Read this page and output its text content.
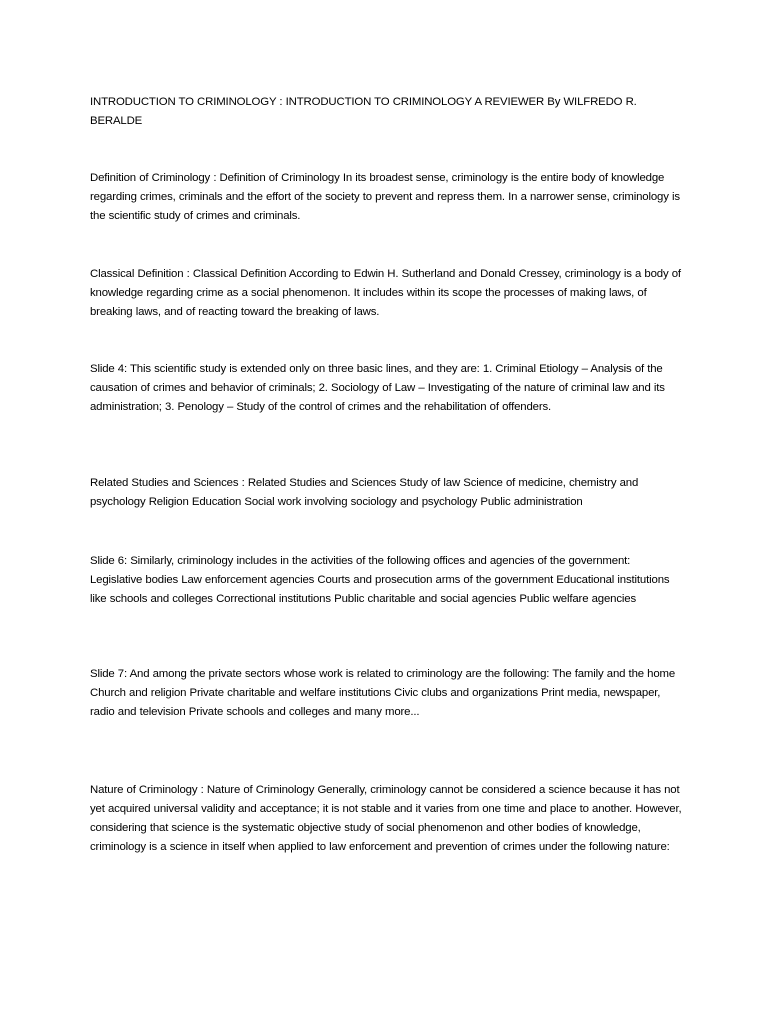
INTRODUCTION TO CRIMINOLOGY : INTRODUCTION TO CRIMINOLOGY A REVIEWER By WILFREDO R. BERALDE

Definition of Criminology : Definition of Criminology In its broadest sense, criminology is the entire body of knowledge regarding crimes, criminals and the effort of the society to prevent and repress them. In a narrower sense, criminology is the scientific study of crimes and criminals.

Classical Definition : Classical Definition According to Edwin H. Sutherland and Donald Cressey, criminology is a body of knowledge regarding crime as a social phenomenon. It includes within its scope the processes of making laws, of breaking laws, and of reacting toward the breaking of laws.

Slide 4: This scientific study is extended only on three basic lines, and they are: 1. Criminal Etiology – Analysis of the causation of crimes and behavior of criminals; 2. Sociology of Law – Investigating of the nature of criminal law and its administration; 3. Penology – Study of the control of crimes and the rehabilitation of offenders.

Related Studies and Sciences : Related Studies and Sciences Study of law Science of medicine, chemistry and psychology Religion Education Social work involving sociology and psychology Public administration

Slide 6: Similarly, criminology includes in the activities of the following offices and agencies of the government: Legislative bodies Law enforcement agencies Courts and prosecution arms of the government Educational institutions like schools and colleges Correctional institutions Public charitable and social agencies Public welfare agencies

Slide 7: And among the private sectors whose work is related to criminology are the following: The family and the home Church and religion Private charitable and welfare institutions Civic clubs and organizations Print media, newspaper, radio and television Private schools and colleges and many more...

Nature of Criminology : Nature of Criminology Generally, criminology cannot be considered a science because it has not yet acquired universal validity and acceptance; it is not stable and it varies from one time and place to another. However, considering that science is the systematic objective study of social phenomenon and other bodies of knowledge, criminology is a science in itself when applied to law enforcement and prevention of crimes under the following nature:
